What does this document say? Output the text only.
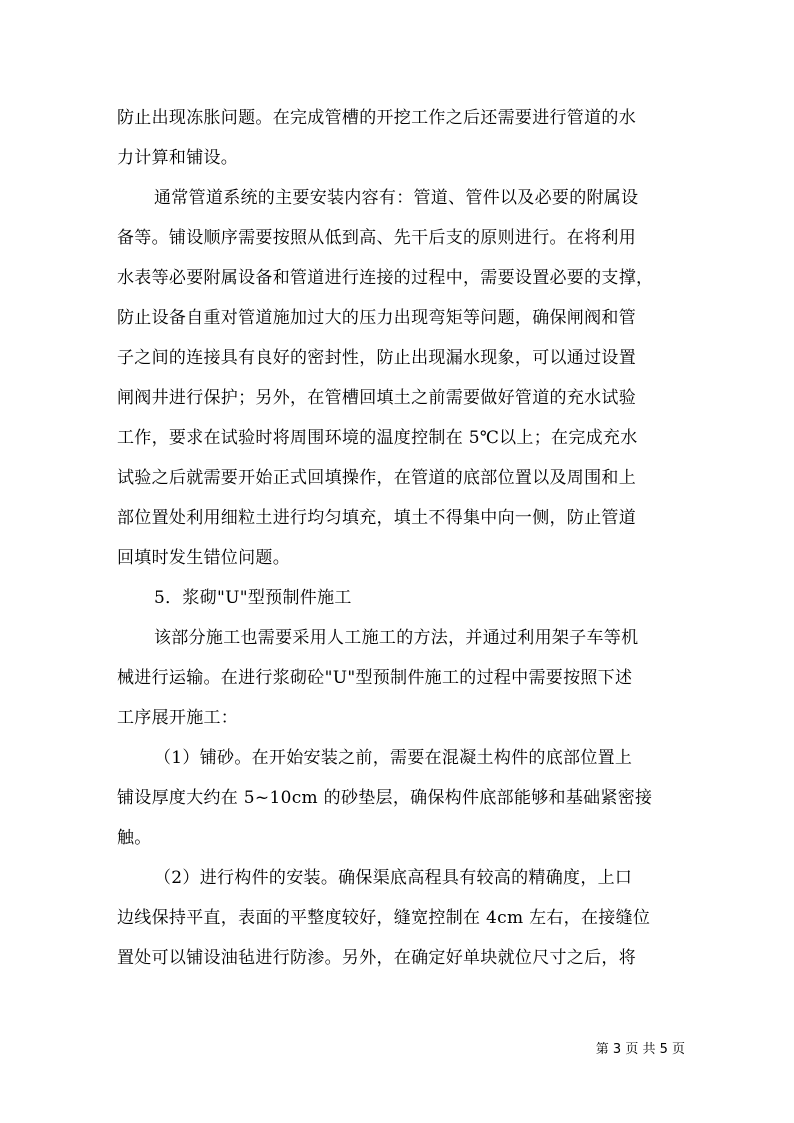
防止出现冻胀问题。在完成管槽的开挖工作之后还需要进行管道的水
力计算和铺设。
通常管道系统的主要安装内容有：管道、管件以及必要的附属设
备等。铺设顺序需要按照从低到高、先干后支的原则进行。在将利用
水表等必要附属设备和管道进行连接的过程中，需要设置必要的支撑，
防止设备自重对管道施加过大的压力出现弯矩等问题，确保闸阀和管
子之间的连接具有良好的密封性，防止出现漏水现象，可以通过设置
闸阀井进行保护；另外，在管槽回填土之前需要做好管道的充水试验
工作，要求在试验时将周围环境的温度控制在 5℃以上；在完成充水
试验之后就需要开始正式回填操作，在管道的底部位置以及周围和上
部位置处利用细粒土进行均匀填充，填土不得集中向一侧，防止管道
回填时发生错位问题。
5．浆砌"U"型预制件施工
该部分施工也需要采用人工施工的方法，并通过利用架子车等机
械进行运输。在进行浆砌砼"U"型预制件施工的过程中需要按照下述
工序展开施工：
（1）铺砂。在开始安装之前，需要在混凝土构件的底部位置上
铺设厚度大约在 5~10cm 的砂垫层，确保构件底部能够和基础紧密接
触。
（2）进行构件的安装。确保渠底高程具有较高的精确度，上口
边线保持平直，表面的平整度较好，缝宽控制在 4cm 左右，在接缝位
置处可以铺设油毡进行防渗。另外，在确定好单块就位尺寸之后，将
第 3 页 共 5 页
